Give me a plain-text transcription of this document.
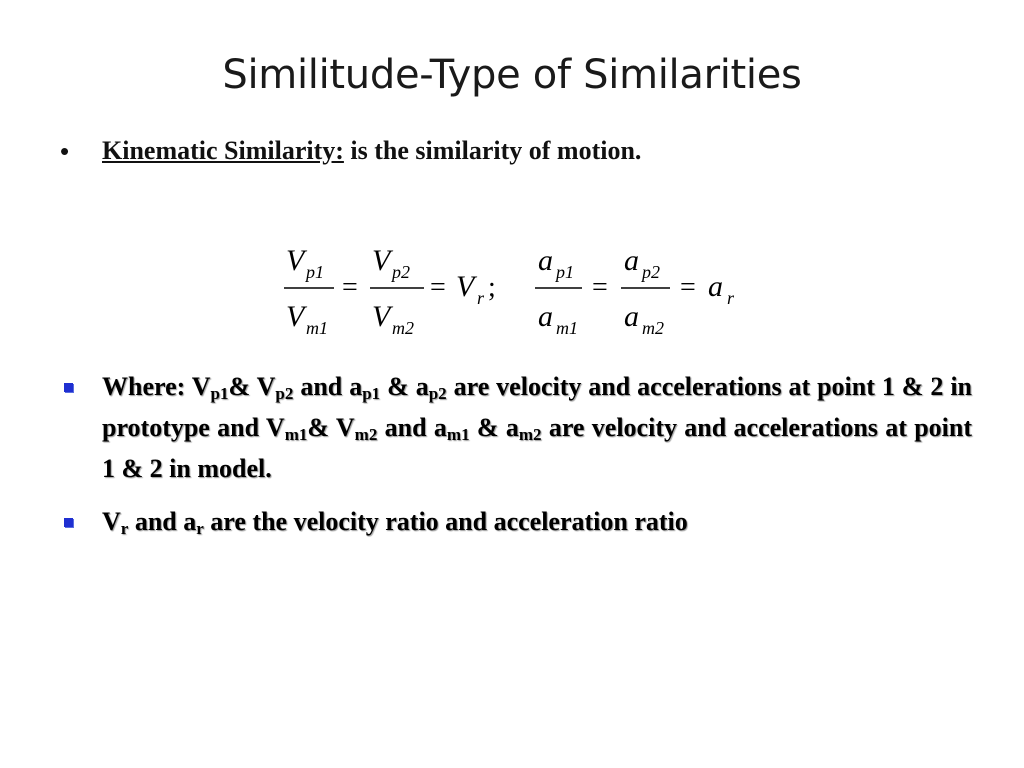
Similitude-Type of Similarities
• Kinematic Similarity: is the similarity of motion.
V p1
V m1
=
V p2
V m2
= V r ;
a p1
a m1
=
a p2
a m2
= a r
Where: $V_{p1}\&$ $V_{p2}$ and $a_{p1}$ & $a_{p2}$ are velocity and accelerations at point 1 & 2 in prototype and $V_{m1}\&$ $V_{m2}$ and $a_{m1}$ & $a_{m2}$ are velocity and accelerations at point 1 & 2 in model.
$V_r$ and $a_r$ are the velocity ratio and acceleration ratio
